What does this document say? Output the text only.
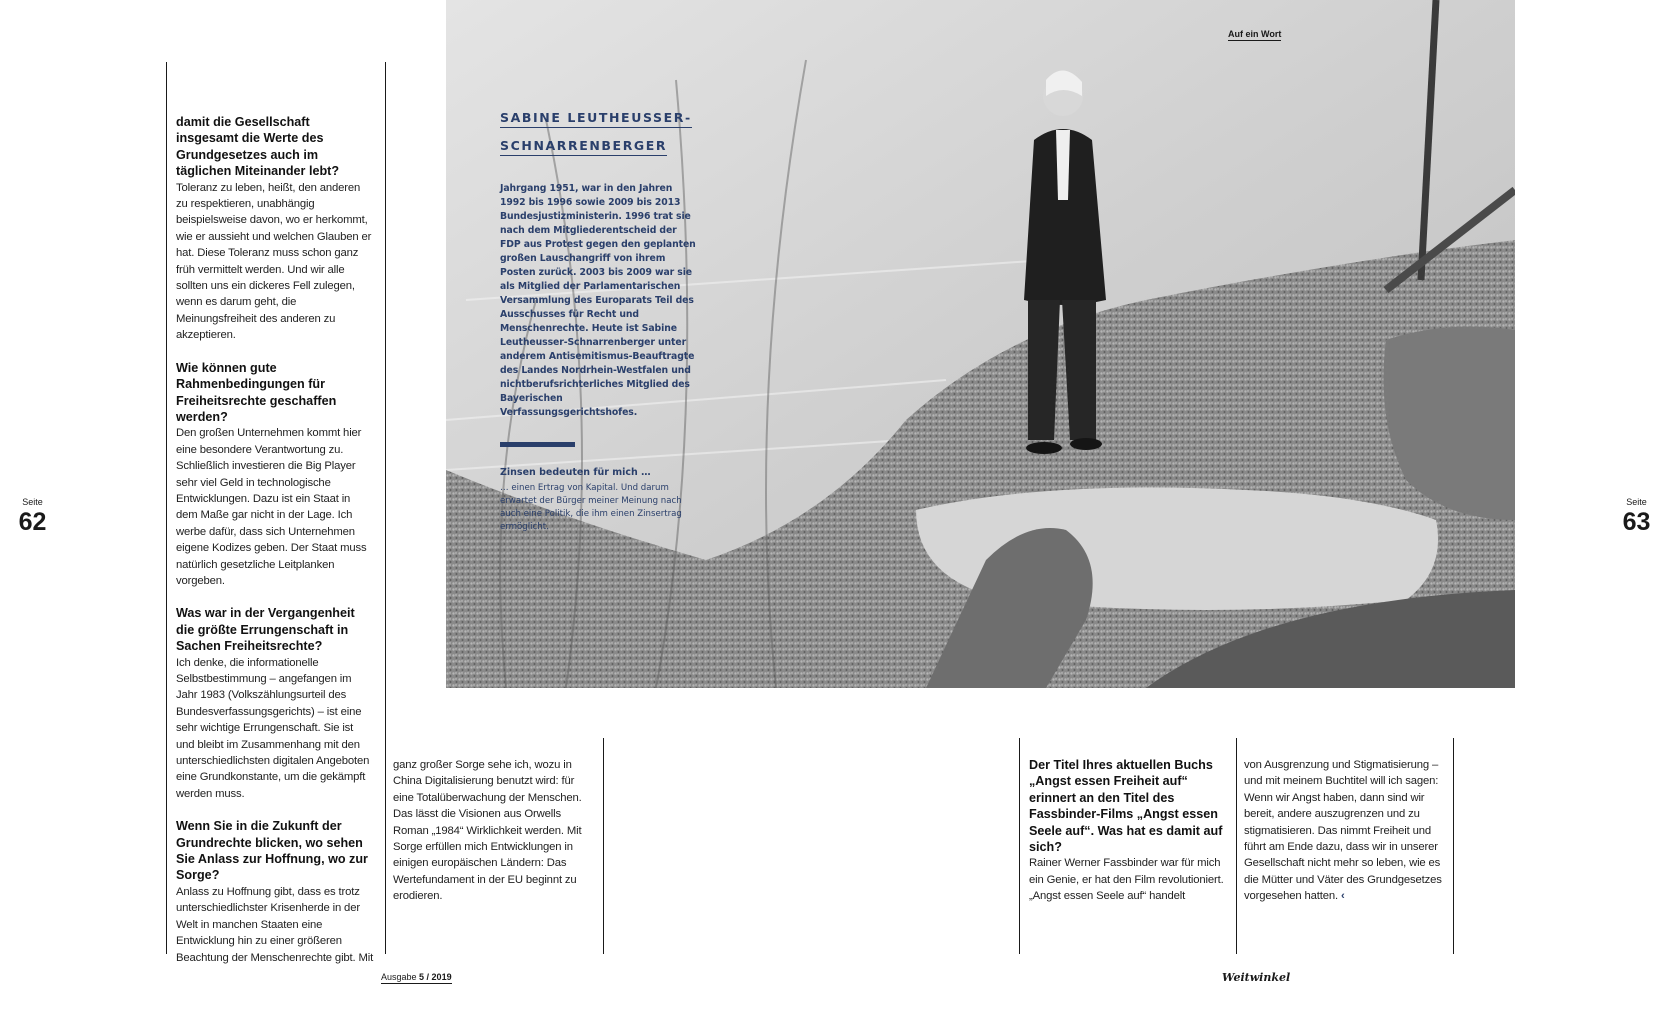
Seite
62
Seite
63

SABINE LEUTHEUSSER-
SCHNARRENBERGER

Jahrgang 1951, war in den Jahren 1992 bis 1996 sowie 2009 bis 2013 Bundesjustizministerin. 1996 trat sie nach dem Mitgliederentscheid der FDP aus Protest gegen den geplanten großen Lauschangriff von ihrem Posten zurück. 2003 bis 2009 war sie als Mitglied der Parlamentarischen Versammlung des Europarats Teil des Ausschusses für Recht und Menschenrechte. Heute ist Sabine Leutheusser-Schnarrenberger unter anderem Antisemitismus-Beauftragte des Landes Nordrhein-Westfalen und nichtberufsrichterliches Mitglied des Bayerischen Verfassungsgerichtshofes.

Zinsen bedeuten für mich …

… einen Ertrag von Kapital. Und darum erwartet der Bürger meiner Meinung nach auch eine Politik, die ihm einen Zinsertrag ermöglicht.

Auf ein Wort

damit die Gesellschaft insgesamt die Werte des Grundgesetzes auch im täglichen Miteinander lebt?

Toleranz zu leben, heißt, den anderen zu respektieren, unabhängig beispielsweise davon, wo er herkommt, wie er aussieht und welchen Glauben er hat. Diese Toleranz muss schon ganz früh vermittelt werden. Und wir alle sollten uns ein dickeres Fell zulegen, wenn es darum geht, die Meinungsfreiheit des anderen zu akzeptieren.

Wie können gute Rahmenbedingungen für Freiheitsrechte geschaffen werden?

Den großen Unternehmen kommt hier eine besondere Verantwortung zu. Schließlich investieren die Big Player sehr viel Geld in technologische Entwicklungen. Dazu ist ein Staat in dem Maße gar nicht in der Lage. Ich werbe dafür, dass sich Unternehmen eigene Kodizes geben. Der Staat muss natürlich gesetzliche Leitplanken vorgeben.

Was war in der Vergangenheit die größte Errungenschaft in Sachen Freiheitsrechte?

Ich denke, die informationelle Selbstbestimmung – angefangen im Jahr 1983 (Volkszählungsurteil des Bundesverfassungsgerichts) – ist eine sehr wichtige Errungenschaft. Sie ist und bleibt im Zusammenhang mit den unterschiedlichsten digitalen Angeboten eine Grundkonstante, um die gekämpft werden muss.

Wenn Sie in die Zukunft der Grundrechte blicken, wo sehen Sie Anlass zur Hoffnung, wo zur Sorge?

Anlass zu Hoffnung gibt, dass es trotz unterschiedlichster Krisenherde in der Welt in manchen Staaten eine Entwicklung hin zu einer größeren Beachtung der Menschenrechte gibt. Mit

ganz großer Sorge sehe ich, wozu in China Digitalisierung benutzt wird: für eine Totalüberwachung der Menschen. Das lässt die Visionen aus Orwells Roman „1984“ Wirklichkeit werden. Mit Sorge erfüllen mich Entwicklungen in einigen europäischen Ländern: Das Wertefundament in der EU beginnt zu erodieren.

Der Titel Ihres aktuellen Buchs „Angst essen Freiheit auf“ erinnert an den Titel des Fassbinder-Films „Angst essen Seele auf“. Was hat es damit auf sich?

Rainer Werner Fassbinder war für mich ein Genie, er hat den Film revolutioniert. „Angst essen Seele auf“ handelt

von Ausgrenzung und Stigmatisierung – und mit meinem Buchtitel will ich sagen: Wenn wir Angst haben, dann sind wir bereit, andere auszugrenzen und zu stigmatisieren. Das nimmt Freiheit und führt am Ende dazu, dass wir in unserer Gesellschaft nicht mehr so leben, wie es die Mütter und Väter des Grundgesetzes vorgesehen hatten. ‹

Ausgabe 5 / 2019	Weitwinkel
